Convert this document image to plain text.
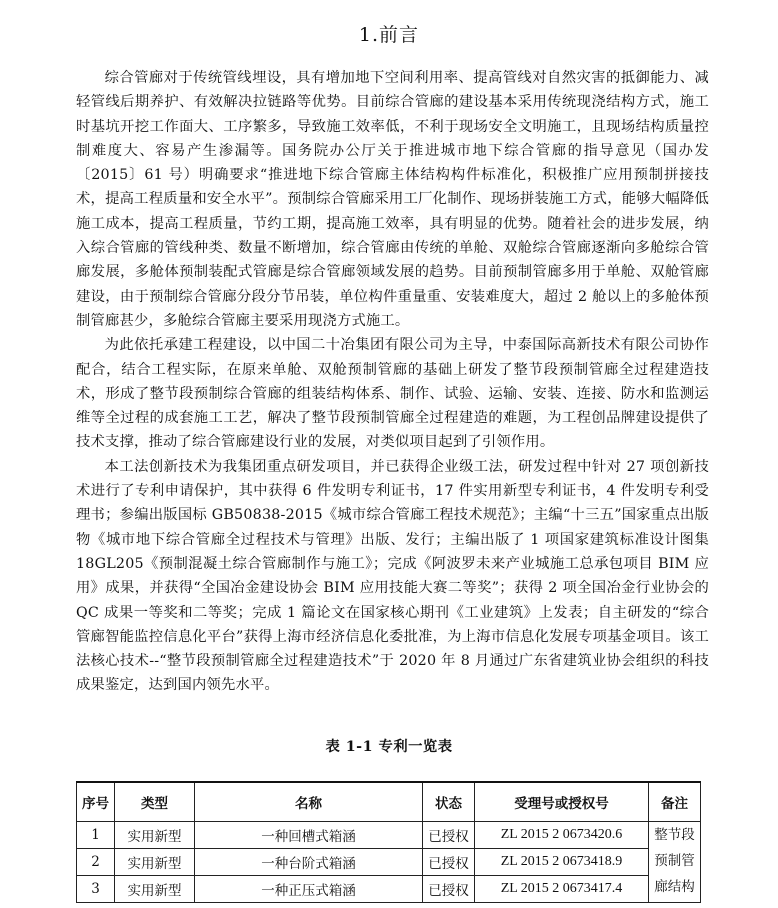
1.前言

综合管廊对于传统管线埋设，具有增加地下空间利用率、提高管线对自然灾害的抵御能力、减轻管线后期养护、有效解决拉链路等优势。目前综合管廊的建设基本采用传统现浇结构方式，施工时基坑开挖工作面大、工序繁多，导致施工效率低，不利于现场安全文明施工，且现场结构质量控制难度大、容易产生渗漏等。国务院办公厅关于推进城市地下综合管廊的指导意见（国办发〔2015〕61 号）明确要求“推进地下综合管廊主体结构构件标准化，积极推广应用预制拼接技术，提高工程质量和安全水平”。预制综合管廊采用工厂化制作、现场拼装施工方式，能够大幅降低施工成本，提高工程质量，节约工期，提高施工效率，具有明显的优势。随着社会的进步发展，纳入综合管廊的管线种类、数量不断增加，综合管廊由传统的单舱、双舱综合管廊逐渐向多舱综合管廊发展，多舱体预制装配式管廊是综合管廊领域发展的趋势。目前预制管廊多用于单舱、双舱管廊建设，由于预制综合管廊分段分节吊装，单位构件重量重、安装难度大，超过 2 舱以上的多舱体预制管廊甚少，多舱综合管廊主要采用现浇方式施工。

为此依托承建工程建设，以中国二十冶集团有限公司为主导，中泰国际高新技术有限公司协作配合，结合工程实际，在原来单舱、双舱预制管廊的基础上研发了整节段预制管廊全过程建造技术，形成了整节段预制综合管廊的组装结构体系、制作、试验、运输、安装、连接、防水和监测运维等全过程的成套施工工艺，解决了整节段预制管廊全过程建造的难题，为工程创品牌建设提供了技术支撑，推动了综合管廊建设行业的发展，对类似项目起到了引领作用。

本工法创新技术为我集团重点研发项目，并已获得企业级工法，研发过程中针对 27 项创新技术进行了专利申请保护，其中获得 6 件发明专利证书，17 件实用新型专利证书，4 件发明专利受理书；参编出版国标 GB50838-2015《城市综合管廊工程技术规范》；主编“十三五”国家重点出版物《城市地下综合管廊全过程技术与管理》出版、发行；主编出版了 1 项国家建筑标准设计图集 18GL205《预制混凝土综合管廊制作与施工》；完成《阿波罗未来产业城施工总承包项目 BIM 应用》成果，并获得“全国冶金建设协会 BIM 应用技能大赛二等奖”；获得 2 项全国冶金行业协会的 QC 成果一等奖和二等奖；完成 1 篇论文在国家核心期刊《工业建筑》上发表；自主研发的“综合管廊智能监控信息化平台”获得上海市经济信息化委批准，为上海市信息化发展专项基金项目。该工法核心技术--“整节段预制管廊全过程建造技术”于 2020 年 8 月通过广东省建筑业协会组织的科技成果鉴定，达到国内领先水平。

表 1-1 专利一览表
序号	类型	名称	状态	受理号或授权号	备注
1	实用新型	一种回槽式箱涵	已授权	ZL 2015 2 0673420.6	整节段预制管廊结构
2	实用新型	一种台阶式箱涵	已授权	ZL 2015 2 0673418.9	
3	实用新型	一种正压式箱涵	已授权	ZL 2015 2 0673417.4	
